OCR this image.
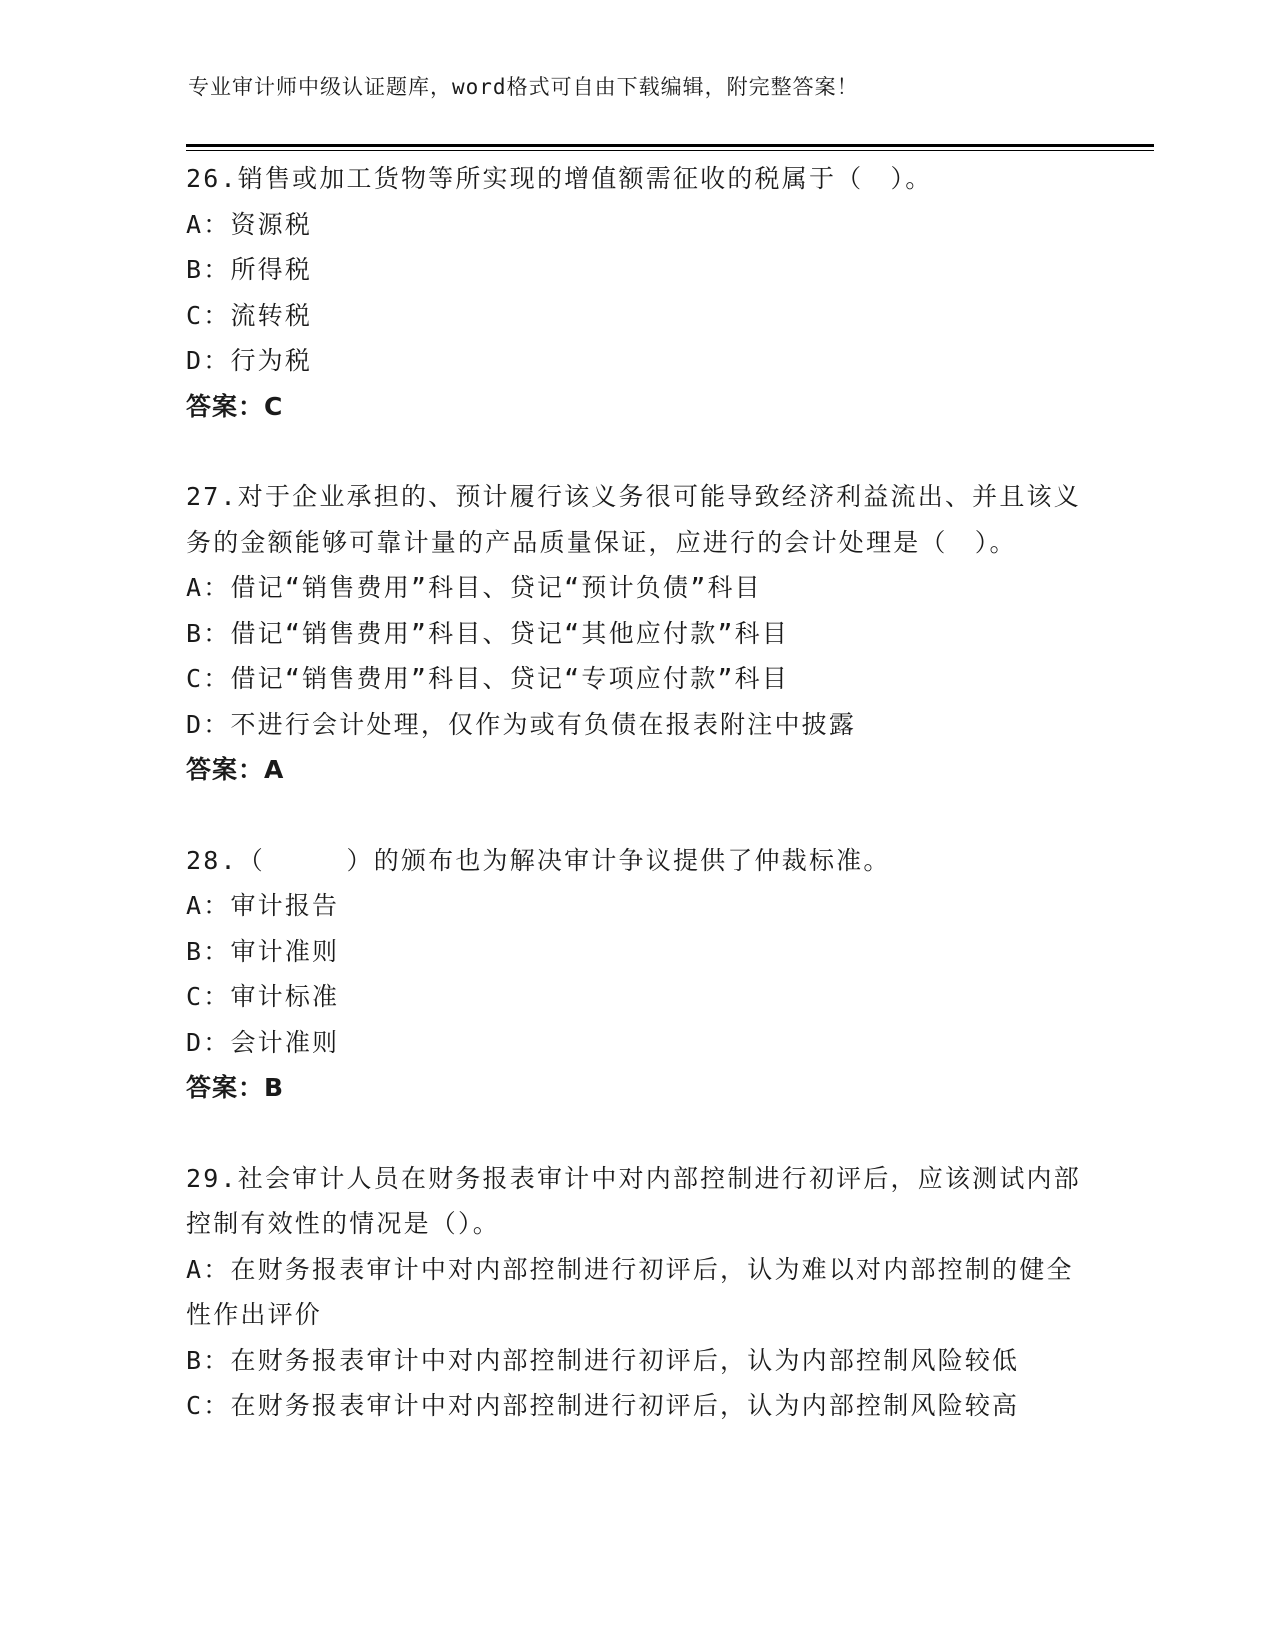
专业审计师中级认证题库，word格式可自由下载编辑，附完整答案！

26.销售或加工货物等所实现的增值额需征收的税属于（　）。

A：资源税

B：所得税

C：流转税

D：行为税

答案：C

27.对于企业承担的、预计履行该义务很可能导致经济利益流出、并且该义务的金额能够可靠计量的产品质量保证，应进行的会计处理是（　）。

A：借记“销售费用”科目、贷记“预计负债”科目

B：借记“销售费用”科目、贷记“其他应付款”科目

C：借记“销售费用”科目、贷记“专项应付款”科目

D：不进行会计处理，仅作为或有负债在报表附注中披露

答案：A

28.（　　　）的颁布也为解决审计争议提供了仲裁标准。

A：审计报告

B：审计准则

C：审计标准

D：会计准则

答案：B

29.社会审计人员在财务报表审计中对内部控制进行初评后，应该测试内部控制有效性的情况是（）。

A：在财务报表审计中对内部控制进行初评后，认为难以对内部控制的健全性作出评价

B：在财务报表审计中对内部控制进行初评后，认为内部控制风险较低

C：在财务报表审计中对内部控制进行初评后，认为内部控制风险较高
